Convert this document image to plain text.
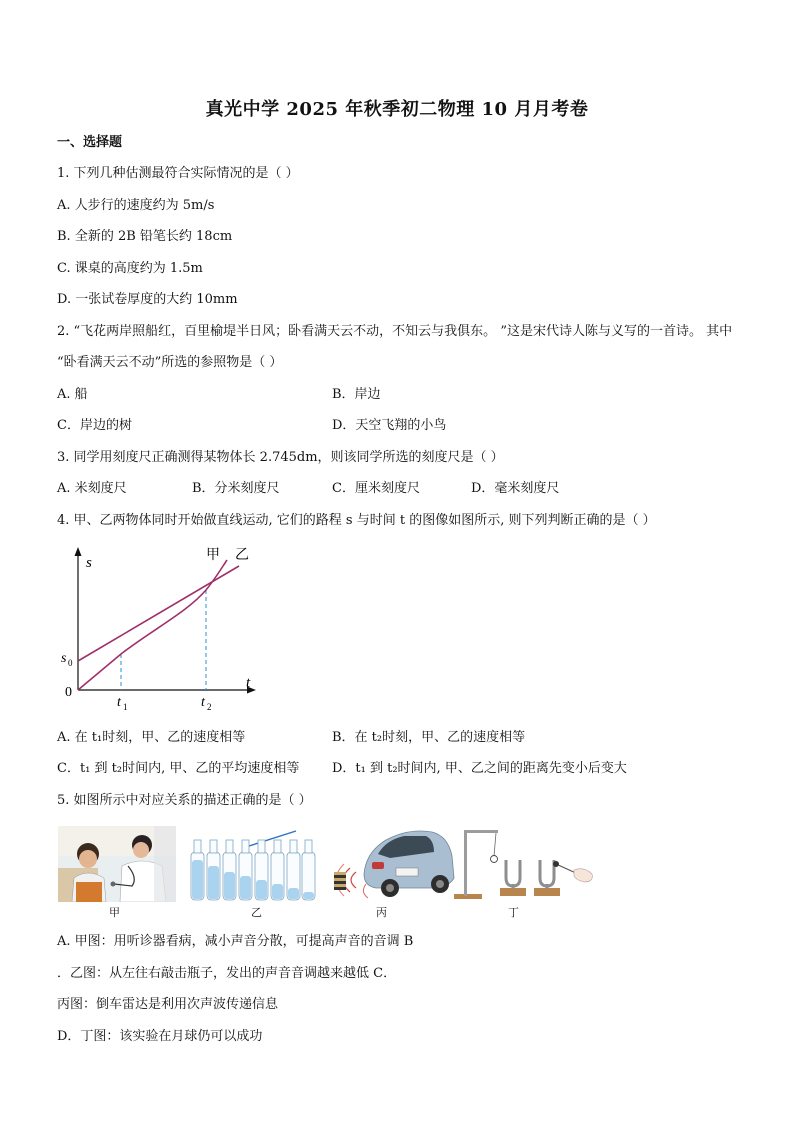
真光中学 2025 年秋季初二物理 10 月月考卷
一、选择题
1. 下列几种估测最符合实际情况的是（ ）
A. 人步行的速度约为 5m/s
B. 全新的 2B 铅笔长约 18cm
C. 课桌的高度约为 1.5m
D. 一张试卷厚度的大约 10mm
2. “飞花两岸照船红，百里榆堤半日风；卧看满天云不动，不知云与我俱东。 ”这是宋代诗人陈与义写的一首诗。 其中
“卧看满天云不动”所选的参照物是（ ）
A. 船	B．岸边
C．岸边的树	D．天空飞翔的小鸟
3. 同学用刻度尺正确测得某物体长 2.745dm，则该同学所选的刻度尺是（ ）
A. 米刻度尺	B．分米刻度尺	C．厘米刻度尺	D．毫米刻度尺
4. 甲、乙两物体同时开始做直线运动, 它们的路程 s 与时间 t 的图像如图所示, 则下列判断正确的是（ ）
s
t
0
s 0
t 1	t 2
甲 乙
A. 在 t₁时刻，甲、乙的速度相等	B．在 t₂时刻，甲、乙的速度相等
C．t₁ 到 t₂时间内, 甲、乙的平均速度相等	D．t₁ 到 t₂时间内, 甲、乙之间的距离先变小后变大
5. 如图所示中对应关系的描述正确的是（ ）
甲	乙	丙	丁
A. 甲图：用听诊器看病，减小声音分散，可提高声音的音调 B
．乙图：从左往右敲击瓶子，发出的声音音调越来越低 C．
丙图：倒车雷达是利用次声波传递信息
D．丁图：该实验在月球仍可以成功
